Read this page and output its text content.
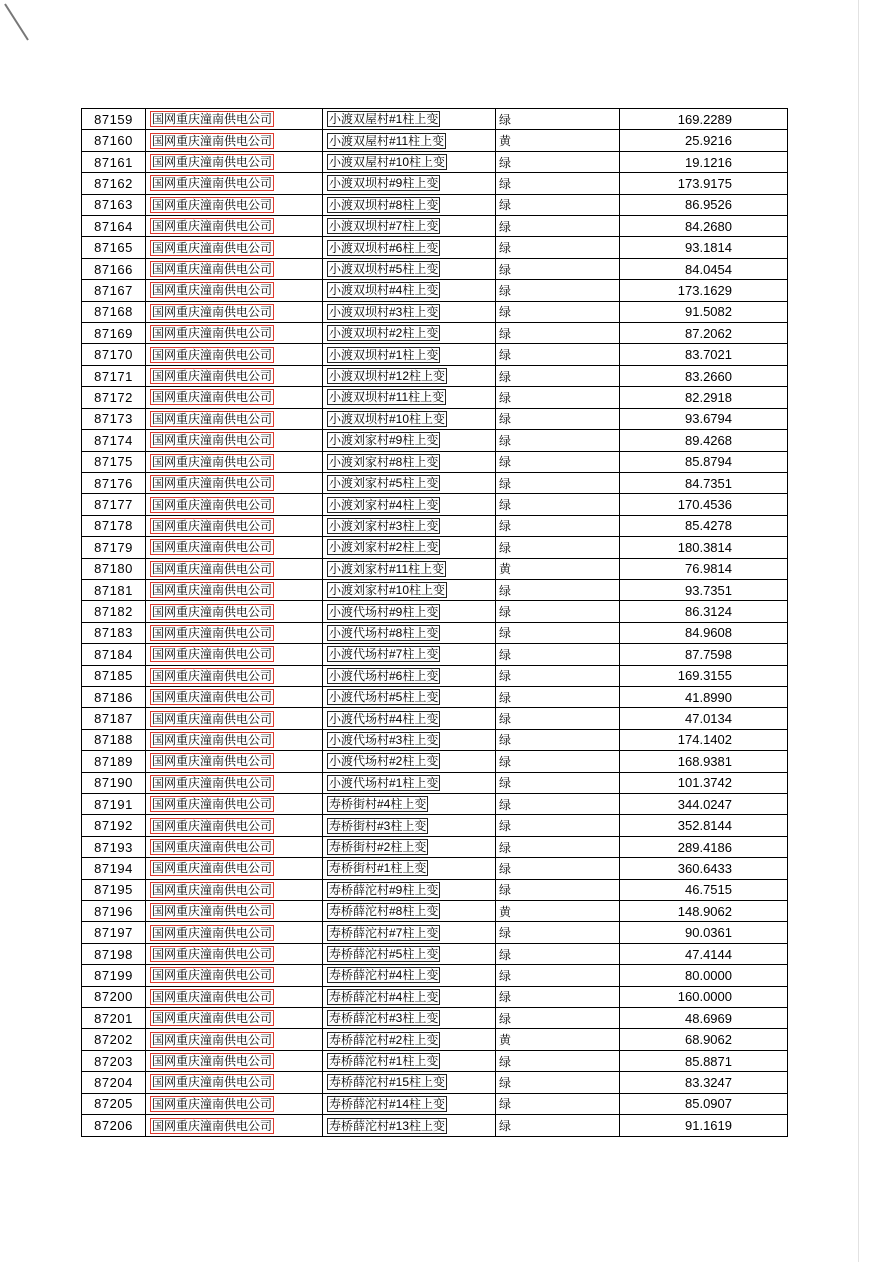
87159	国网重庆潼南供电公司	小渡双屋村#1柱上变	绿	169.2289
87160	国网重庆潼南供电公司	小渡双屋村#11柱上变	黄	25.9216
87161	国网重庆潼南供电公司	小渡双屋村#10柱上变	绿	19.1216
87162	国网重庆潼南供电公司	小渡双坝村#9柱上变	绿	173.9175
87163	国网重庆潼南供电公司	小渡双坝村#8柱上变	绿	86.9526
87164	国网重庆潼南供电公司	小渡双坝村#7柱上变	绿	84.2680
87165	国网重庆潼南供电公司	小渡双坝村#6柱上变	绿	93.1814
87166	国网重庆潼南供电公司	小渡双坝村#5柱上变	绿	84.0454
87167	国网重庆潼南供电公司	小渡双坝村#4柱上变	绿	173.1629
87168	国网重庆潼南供电公司	小渡双坝村#3柱上变	绿	91.5082
87169	国网重庆潼南供电公司	小渡双坝村#2柱上变	绿	87.2062
87170	国网重庆潼南供电公司	小渡双坝村#1柱上变	绿	83.7021
87171	国网重庆潼南供电公司	小渡双坝村#12柱上变	绿	83.2660
87172	国网重庆潼南供电公司	小渡双坝村#11柱上变	绿	82.2918
87173	国网重庆潼南供电公司	小渡双坝村#10柱上变	绿	93.6794
87174	国网重庆潼南供电公司	小渡刘家村#9柱上变	绿	89.4268
87175	国网重庆潼南供电公司	小渡刘家村#8柱上变	绿	85.8794
87176	国网重庆潼南供电公司	小渡刘家村#5柱上变	绿	84.7351
87177	国网重庆潼南供电公司	小渡刘家村#4柱上变	绿	170.4536
87178	国网重庆潼南供电公司	小渡刘家村#3柱上变	绿	85.4278
87179	国网重庆潼南供电公司	小渡刘家村#2柱上变	绿	180.3814
87180	国网重庆潼南供电公司	小渡刘家村#11柱上变	黄	76.9814
87181	国网重庆潼南供电公司	小渡刘家村#10柱上变	绿	93.7351
87182	国网重庆潼南供电公司	小渡代场村#9柱上变	绿	86.3124
87183	国网重庆潼南供电公司	小渡代场村#8柱上变	绿	84.9608
87184	国网重庆潼南供电公司	小渡代场村#7柱上变	绿	87.7598
87185	国网重庆潼南供电公司	小渡代场村#6柱上变	绿	169.3155
87186	国网重庆潼南供电公司	小渡代场村#5柱上变	绿	41.8990
87187	国网重庆潼南供电公司	小渡代场村#4柱上变	绿	47.0134
87188	国网重庆潼南供电公司	小渡代场村#3柱上变	绿	174.1402
87189	国网重庆潼南供电公司	小渡代场村#2柱上变	绿	168.9381
87190	国网重庆潼南供电公司	小渡代场村#1柱上变	绿	101.3742
87191	国网重庆潼南供电公司	寿桥街村#4柱上变	绿	344.0247
87192	国网重庆潼南供电公司	寿桥街村#3柱上变	绿	352.8144
87193	国网重庆潼南供电公司	寿桥街村#2柱上变	绿	289.4186
87194	国网重庆潼南供电公司	寿桥街村#1柱上变	绿	360.6433
87195	国网重庆潼南供电公司	寿桥薛沱村#9柱上变	绿	46.7515
87196	国网重庆潼南供电公司	寿桥薛沱村#8柱上变	黄	148.9062
87197	国网重庆潼南供电公司	寿桥薛沱村#7柱上变	绿	90.0361
87198	国网重庆潼南供电公司	寿桥薛沱村#5柱上变	绿	47.4144
87199	国网重庆潼南供电公司	寿桥薛沱村#4柱上变	绿	80.0000
87200	国网重庆潼南供电公司	寿桥薛沱村#4柱上变	绿	160.0000
87201	国网重庆潼南供电公司	寿桥薛沱村#3柱上变	绿	48.6969
87202	国网重庆潼南供电公司	寿桥薛沱村#2柱上变	黄	68.9062
87203	国网重庆潼南供电公司	寿桥薛沱村#1柱上变	绿	85.8871
87204	国网重庆潼南供电公司	寿桥薛沱村#15柱上变	绿	83.3247
87205	国网重庆潼南供电公司	寿桥薛沱村#14柱上变	绿	85.0907
87206	国网重庆潼南供电公司	寿桥薛沱村#13柱上变	绿	91.1619
